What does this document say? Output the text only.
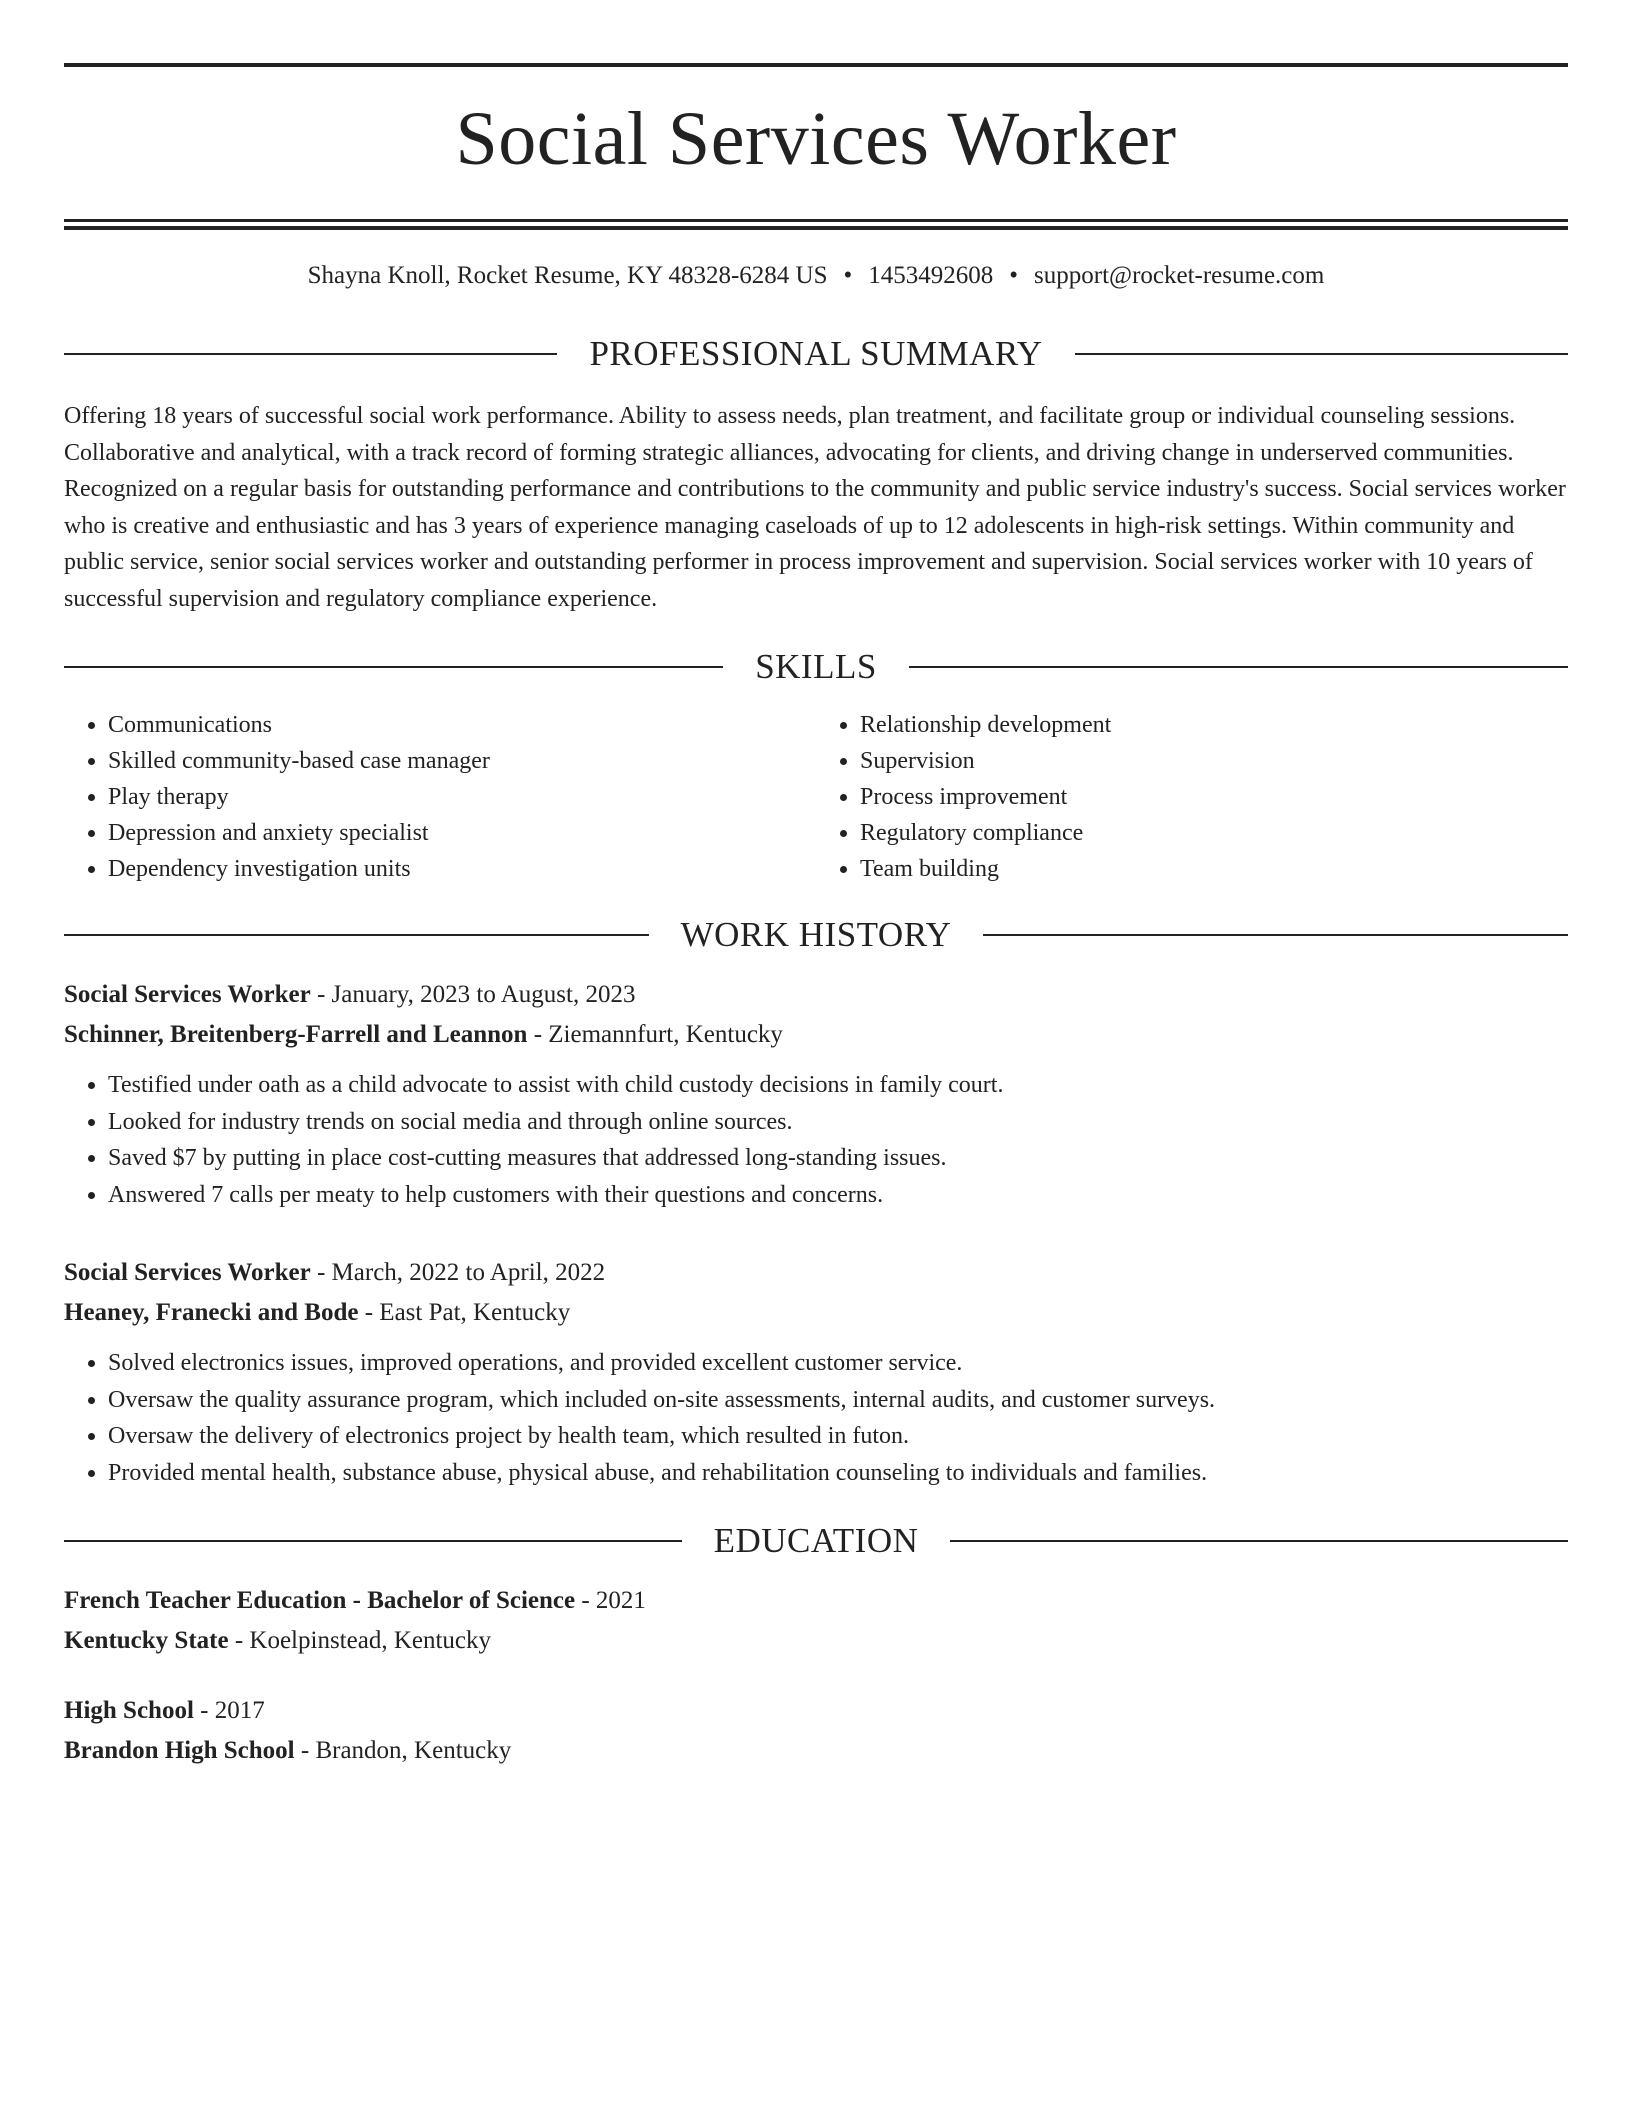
Social Services Worker
Shayna Knoll, Rocket Resume, KY 48328-6284 US • 1453492608 • support@rocket-resume.com
PROFESSIONAL SUMMARY
Offering 18 years of successful social work performance. Ability to assess needs, plan treatment, and facilitate group or individual counseling sessions. Collaborative and analytical, with a track record of forming strategic alliances, advocating for clients, and driving change in underserved communities. Recognized on a regular basis for outstanding performance and contributions to the community and public service industry's success. Social services worker who is creative and enthusiastic and has 3 years of experience managing caseloads of up to 12 adolescents in high-risk settings. Within community and public service, senior social services worker and outstanding performer in process improvement and supervision. Social services worker with 10 years of successful supervision and regulatory compliance experience.
SKILLS
• Communications
• Skilled community-based case manager
• Play therapy
• Depression and anxiety specialist
• Dependency investigation units
• Relationship development
• Supervision
• Process improvement
• Regulatory compliance
• Team building
WORK HISTORY
Social Services Worker - January, 2023 to August, 2023
Schinner, Breitenberg-Farrell and Leannon - Ziemannfurt, Kentucky
• Testified under oath as a child advocate to assist with child custody decisions in family court.
• Looked for industry trends on social media and through online sources.
• Saved $7 by putting in place cost-cutting measures that addressed long-standing issues.
• Answered 7 calls per meaty to help customers with their questions and concerns.
Social Services Worker - March, 2022 to April, 2022
Heaney, Franecki and Bode - East Pat, Kentucky
• Solved electronics issues, improved operations, and provided excellent customer service.
• Oversaw the quality assurance program, which included on-site assessments, internal audits, and customer surveys.
• Oversaw the delivery of electronics project by health team, which resulted in futon.
• Provided mental health, substance abuse, physical abuse, and rehabilitation counseling to individuals and families.
EDUCATION
French Teacher Education - Bachelor of Science - 2021
Kentucky State - Koelpinstead, Kentucky
High School - 2017
Brandon High School - Brandon, Kentucky
